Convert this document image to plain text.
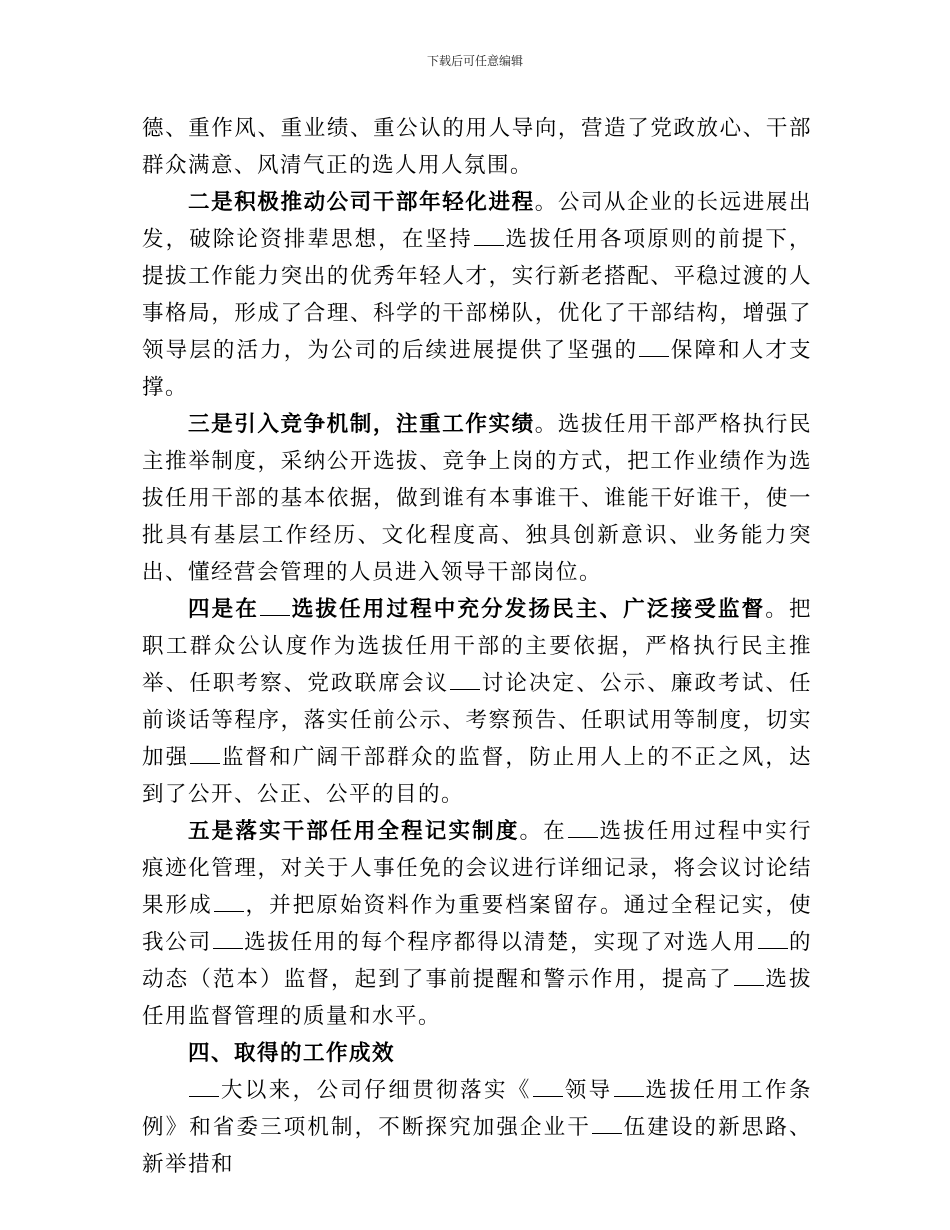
下载后可任意编辑

德、重作风、重业绩、重公认的用人导向，营造了党政放心、干部群众满意、风清气正的选人用人氛围。

二是积极推动公司干部年轻化进程。公司从企业的长远进展出发，破除论资排辈思想，在坚持 选拔任用各项原则的前提下，提拔工作能力突出的优秀年轻人才，实行新老搭配、平稳过渡的人事格局，形成了合理、科学的干部梯队，优化了干部结构，增强了领导层的活力，为公司的后续进展提供了坚强的 保障和人才支撑。

三是引入竞争机制，注重工作实绩。选拔任用干部严格执行民主推举制度，采纳公开选拔、竞争上岗的方式，把工作业绩作为选拔任用干部的基本依据，做到谁有本事谁干、谁能干好谁干，使一批具有基层工作经历、文化程度高、独具创新意识、业务能力突出、懂经营会管理的人员进入领导干部岗位。

四是在 选拔任用过程中充分发扬民主、广泛接受监督。把职工群众公认度作为选拔任用干部的主要依据，严格执行民主推举、任职考察、党政联席会议 讨论决定、公示、廉政考试、任前谈话等程序，落实任前公示、考察预告、任职试用等制度，切实加强 监督和广阔干部群众的监督，防止用人上的不正之风，达到了公开、公正、公平的目的。

五是落实干部任用全程记实制度。在 选拔任用过程中实行痕迹化管理，对关于人事任免的会议进行详细记录，将会议讨论结果形成 ，并把原始资料作为重要档案留存。通过全程记实，使我公司 选拔任用的每个程序都得以清楚，实现了对选人用 的动态（范本）监督，起到了事前提醒和警示作用，提高了 选拔任用监督管理的质量和水平。

四、取得的工作成效

大以来，公司仔细贯彻落实《 领导 选拔任用工作条例》和省委三项机制，不断探究加强企业干 伍建设的新思路、新举措和
